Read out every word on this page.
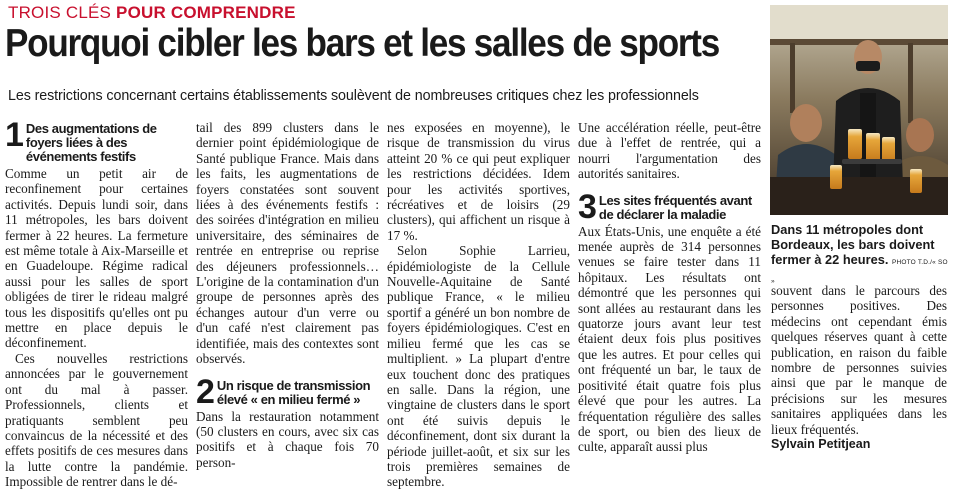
TROIS CLÉS POUR COMPRENDRE
Pourquoi cibler les bars et les salles de sports

Les restrictions concernant certains établissements soulèvent de nombreuses critiques chez les professionnels

1 Des augmentations de foyers liées à des événements festifs

Comme un petit air de reconfinement pour certaines activités. Depuis lundi soir, dans 11 métropoles, les bars doivent fermer à 22 heures. La fermeture est même totale à Aix-Marseille et en Guadeloupe. Régime radical aussi pour les salles de sport obligées de tirer le rideau malgré tous les dispositifs qu'elles ont pu mettre en place depuis le déconfinement.

Ces nouvelles restrictions annoncées par le gouvernement ont du mal à passer. Professionnels, clients et pratiquants semblent peu convaincus de la nécessité et des effets positifs de ces mesures dans la lutte contre la pandémie. Impossible de rentrer dans le dé-

tail des 899 clusters dans le dernier point épidémiologique de Santé publique France. Mais dans les faits, les augmentations de foyers constatées sont souvent liées à des événements festifs : des soirées d'intégration en milieu universitaire, des séminaires de rentrée en entreprise ou reprise des déjeuners professionnels… L'origine de la contamination d'un groupe de personnes après des échanges autour d'un verre ou d'un café n'est clairement pas identifiée, mais des contextes sont observés.

2 Un risque de transmission élevé « en milieu fermé »

Dans la restauration notamment (50 clusters en cours, avec six cas positifs et à chaque fois 70 person-

nes exposées en moyenne), le risque de transmission du virus atteint 20 % ce qui peut expliquer les restrictions décidées. Idem pour les activités sportives, récréatives et de loisirs (29 clusters), qui affichent un risque à 17 %.

Selon Sophie Larrieu, épidémiologiste de la Cellule Nouvelle-Aquitaine de Santé publique France, « le milieu sportif a généré un bon nombre de foyers épidémiologiques. C'est en milieu fermé que les cas se multiplient. » La plupart d'entre eux touchent donc des pratiques en salle. Dans la région, une vingtaine de clusters dans le sport ont été suivis depuis le déconfinement, dont six durant la période juillet-août, et six sur les trois premières semaines de septembre.

Une accélération réelle, peut-être due à l'effet de rentrée, qui a nourri l'argumentation des autorités sanitaires.

3 Les sites fréquentés avant de déclarer la maladie

Aux États-Unis, une enquête a été menée auprès de 314 personnes venues se faire tester dans 11 hôpitaux. Les résultats ont démontré que les personnes qui sont allées au restaurant dans les quatorze jours avant leur test étaient deux fois plus positives que les autres. Et pour celles qui ont fréquenté un bar, le taux de positivité était quatre fois plus élevé que pour les autres. La fréquentation régulière des salles de sport, ou bien des lieux de culte, apparaît aussi plus

Dans 11 métropoles dont Bordeaux, les bars doivent fermer à 22 heures. PHOTO T.D./« SO »

souvent dans le parcours des personnes positives. Des médecins ont cependant émis quelques réserves quant à cette publication, en raison du faible nombre de personnes suivies ainsi que par le manque de précisions sur les mesures sanitaires appliquées dans les lieux fréquentés.

Sylvain Petitjean
